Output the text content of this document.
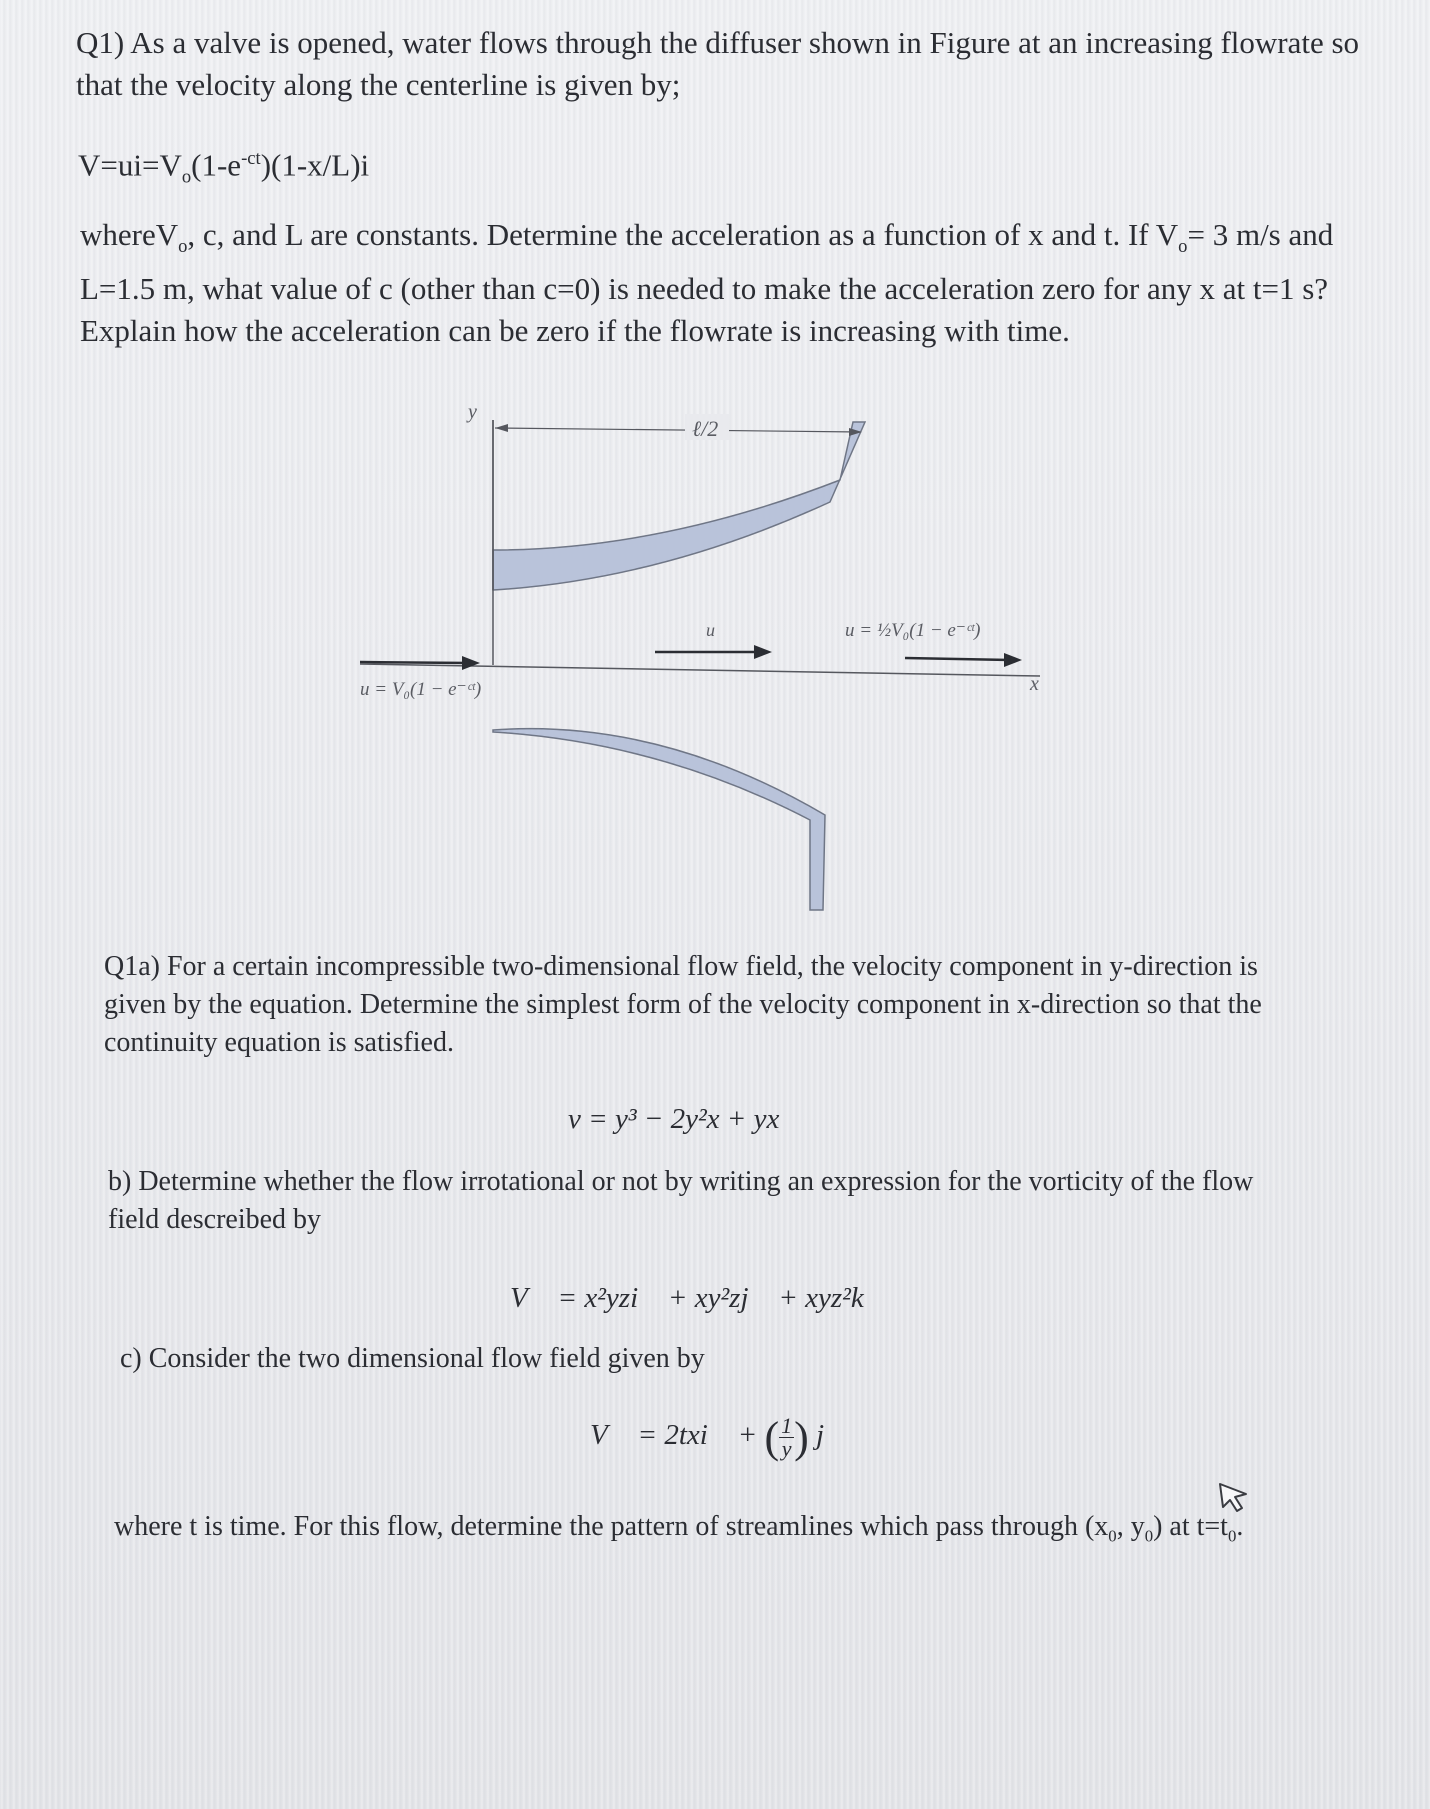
Q1) As a valve is opened, water flows through the diffuser shown in Figure at an increasing flowrate so that the velocity along the centerline is given by;

$V=ui=V_o(1-e^{-ct})(1-x/L)i$

whereV$_o$, c, and L are constants. Determine the acceleration as a function of x and t. If $V_o= 3$ m/s and L=1.5 m, what value of c (other than c=0) is needed to make the acceleration zero for any x at t=1 s? Explain how the acceleration can be zero if the flowrate is increasing with time.

ℓ/2
y
x
u = V₀(1 − e⁻ᶜᵗ)
u	u = ½V₀(1 − e⁻ᶜᵗ)

Q1a) For a certain incompressible two-dimensional flow field, the velocity component in y-direction is given by the equation. Determine the simplest form of the velocity component in x-direction so that the continuity equation is satisfied.

v = y³ − 2y²x + yx

b) Determine whether the flow irrotational or not by writing an expression for the vorticity of the flow field descreibed by

V⃗ = x²yzi⃗ + xy²zj⃗ + xyz²k⃗

c) Consider the two dimensional flow field given by

V⃗ = 2txi⃗ + ( $\frac{1}{y}$ ) j⃗

where t is time. For this flow, determine the pattern of streamlines which pass through ($x_0$, $y_0$) at $t=t_0$.
